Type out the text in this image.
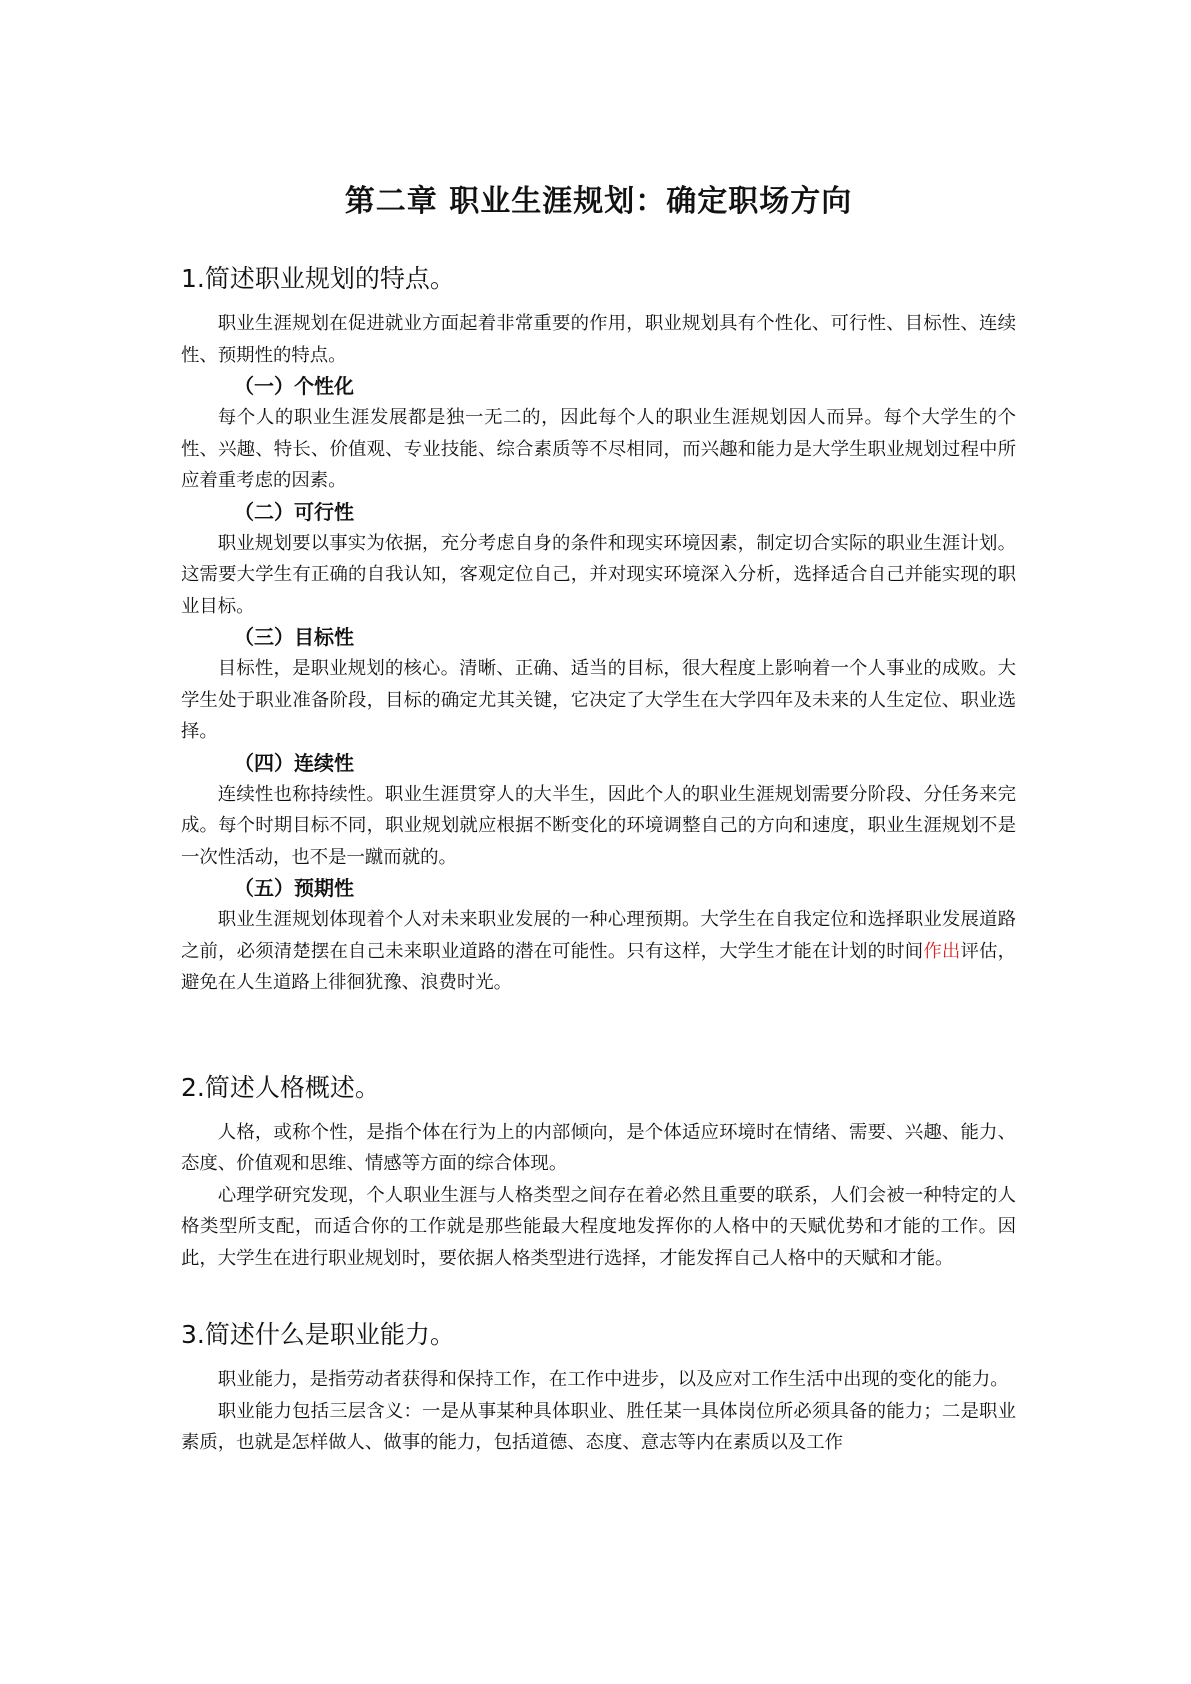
第二章 职业生涯规划：确定职场方向
1.简述职业规划的特点。

职业生涯规划在促进就业方面起着非常重要的作用，职业规划具有个性化、可行性、目标性、连续性、预期性的特点。

（一）个性化

每个人的职业生涯发展都是独一无二的，因此每个人的职业生涯规划因人而异。每个大学生的个性、兴趣、特长、价值观、专业技能、综合素质等不尽相同，而兴趣和能力是大学生职业规划过程中所应着重考虑的因素。

（二）可行性

职业规划要以事实为依据，充分考虑自身的条件和现实环境因素，制定切合实际的职业生涯计划。这需要大学生有正确的自我认知，客观定位自己，并对现实环境深入分析，选择适合自己并能实现的职业目标。

（三）目标性

目标性，是职业规划的核心。清晰、正确、适当的目标，很大程度上影响着一个人事业的成败。大学生处于职业准备阶段，目标的确定尤其关键，它决定了大学生在大学四年及未来的人生定位、职业选择。

（四）连续性

连续性也称持续性。职业生涯贯穿人的大半生，因此个人的职业生涯规划需要分阶段、分任务来完成。每个时期目标不同，职业规划就应根据不断变化的环境调整自己的方向和速度，职业生涯规划不是一次性活动，也不是一蹴而就的。

（五）预期性

职业生涯规划体现着个人对未来职业发展的一种心理预期。大学生在自我定位和选择职业发展道路之前，必须清楚摆在自己未来职业道路的潜在可能性。只有这样，大学生才能在计划的时间作出评估，避免在人生道路上徘徊犹豫、浪费时光。

2.简述人格概述。

人格，或称个性，是指个体在行为上的内部倾向，是个体适应环境时在情绪、需要、兴趣、能力、态度、价值观和思维、情感等方面的综合体现。

心理学研究发现，个人职业生涯与人格类型之间存在着必然且重要的联系，人们会被一种特定的人格类型所支配，而适合你的工作就是那些能最大程度地发挥你的人格中的天赋优势和才能的工作。因此，大学生在进行职业规划时，要依据人格类型进行选择，才能发挥自己人格中的天赋和才能。

3.简述什么是职业能力。

职业能力，是指劳动者获得和保持工作，在工作中进步，以及应对工作生活中出现的变化的能力。

职业能力包括三层含义：一是从事某种具体职业、胜任某一具体岗位所必须具备的能力；二是职业素质，也就是怎样做人、做事的能力，包括道德、态度、意志等内在素质以及工作
